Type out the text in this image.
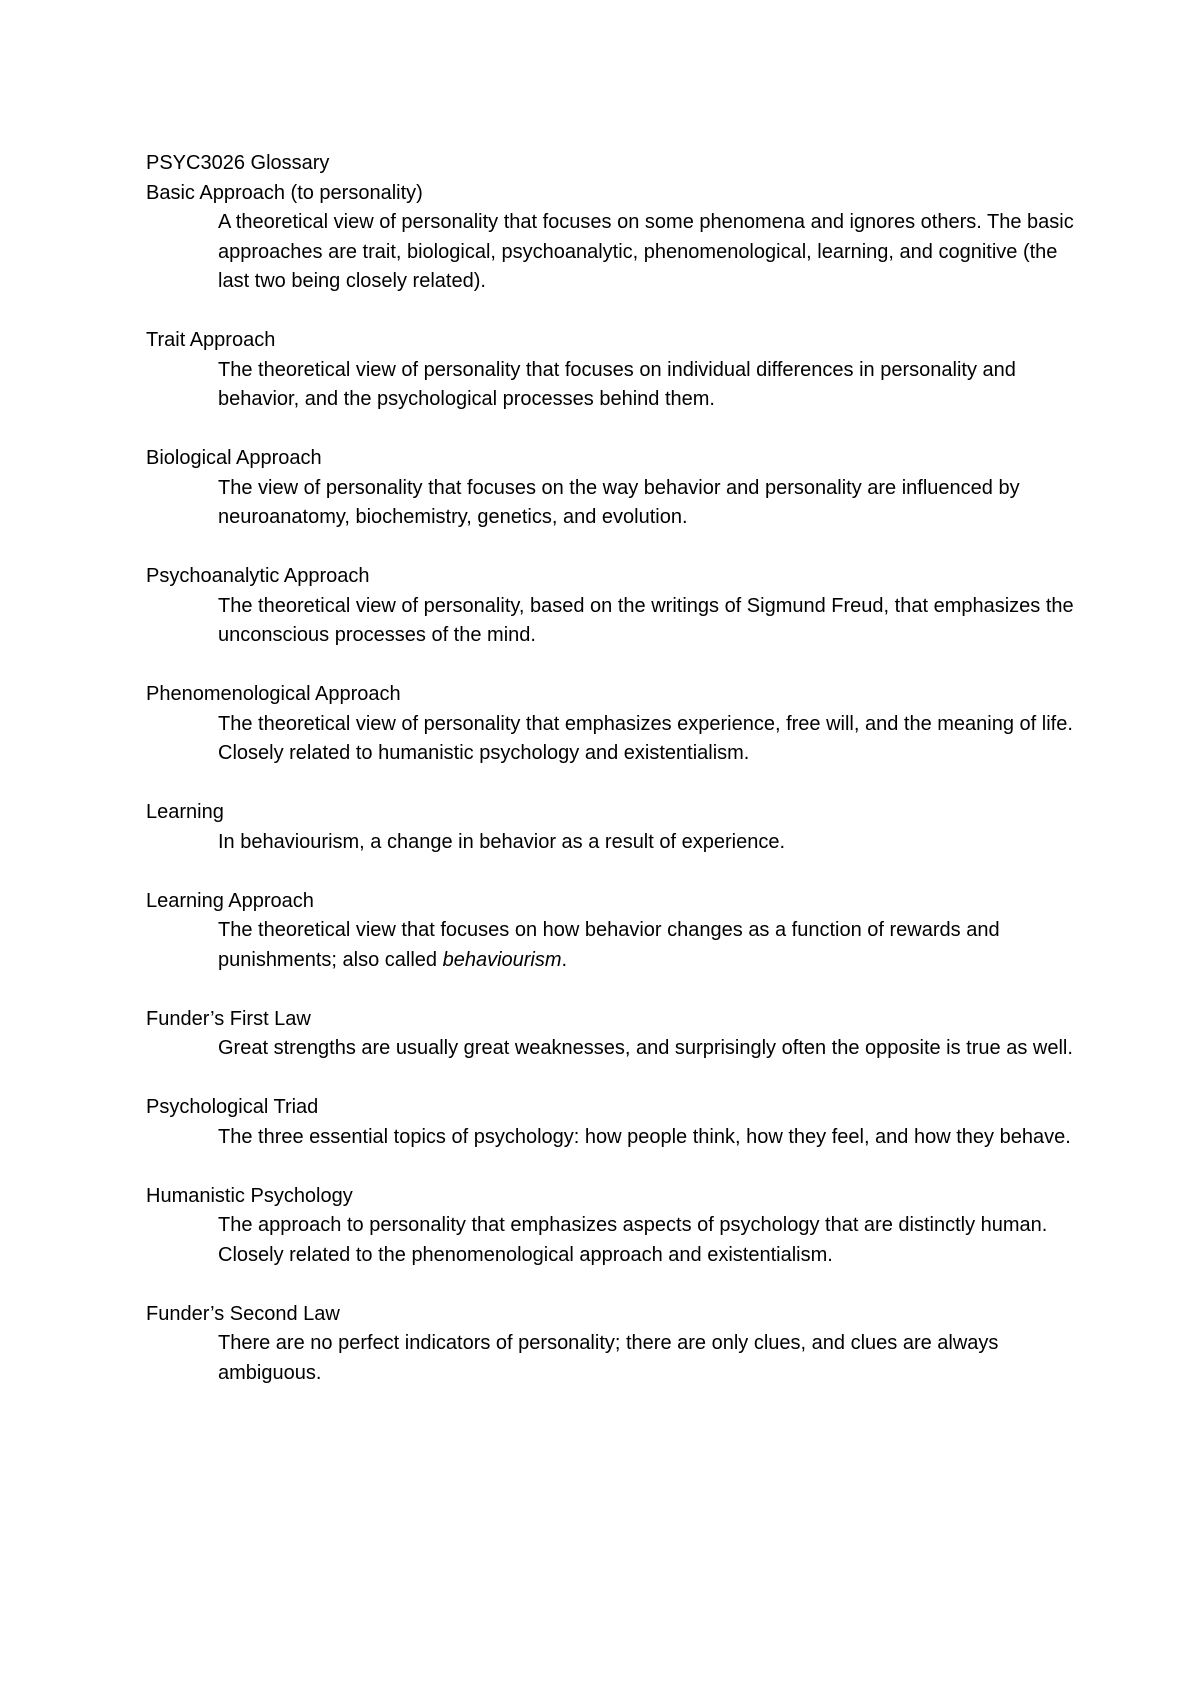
PSYC3026 Glossary

Basic Approach (to personality)

A theoretical view of personality that focuses on some phenomena and ignores others. The basic approaches are trait, biological, psychoanalytic, phenomenological, learning, and cognitive (the last two being closely related).

Trait Approach

The theoretical view of personality that focuses on individual differences in personality and behavior, and the psychological processes behind them.

Biological Approach

The view of personality that focuses on the way behavior and personality are influenced by neuroanatomy, biochemistry, genetics, and evolution.

Psychoanalytic Approach

The theoretical view of personality, based on the writings of Sigmund Freud, that emphasizes the unconscious processes of the mind.

Phenomenological Approach

The theoretical view of personality that emphasizes experience, free will, and the meaning of life. Closely related to humanistic psychology and existentialism.

Learning

In behaviourism, a change in behavior as a result of experience.

Learning Approach

The theoretical view that focuses on how behavior changes as a function of rewards and punishments; also called behaviourism.

Funder’s First Law

Great strengths are usually great weaknesses, and surprisingly often the opposite is true as well.

Psychological Triad

The three essential topics of psychology: how people think, how they feel, and how they behave.

Humanistic Psychology

The approach to personality that emphasizes aspects of psychology that are distinctly human. Closely related to the phenomenological approach and existentialism.

Funder’s Second Law

There are no perfect indicators of personality; there are only clues, and clues are always ambiguous.
